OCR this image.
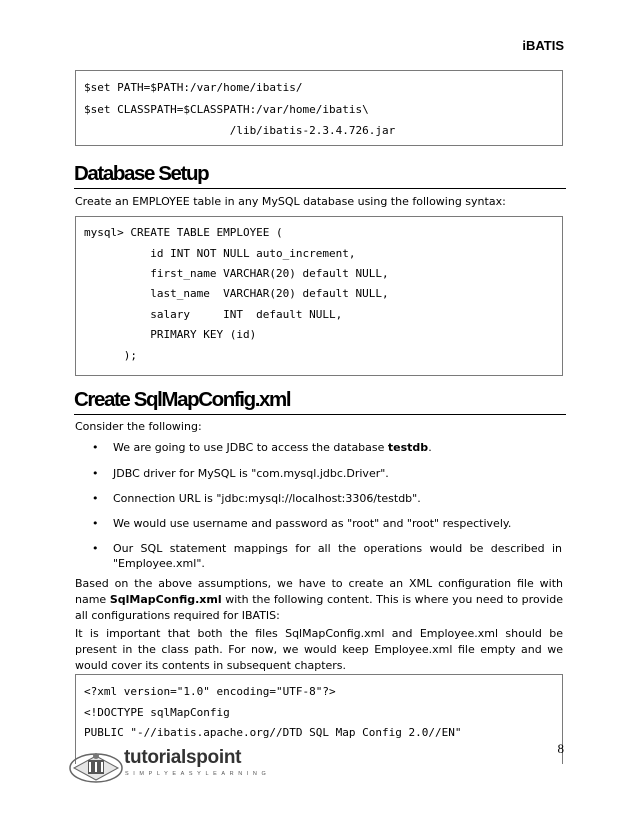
iBATIS
$set PATH=$PATH:/var/home/ibatis/
$set CLASSPATH=$CLASSPATH:/var/home/ibatis\
/lib/ibatis-2.3.4.726.jar
Database Setup

Create an EMPLOYEE table in any MySQL database using the following syntax:

mysql> CREATE TABLE EMPLOYEE (
id INT NOT NULL auto_increment,
first_name VARCHAR(20) default NULL,
last_name  VARCHAR(20) default NULL,
salary     INT  default NULL,
PRIMARY KEY (id)
);
Create SqlMapConfig.xml

Consider the following:

• We are going to use JDBC to access the database testdb.
• JDBC driver for MySQL is "com.mysql.jdbc.Driver".
• Connection URL is "jdbc:mysql://localhost:3306/testdb".
• We would use username and password as "root" and "root" respectively.
• Our SQL statement mappings for all the operations would be described in "Employee.xml".

Based on the above assumptions, we have to create an XML configuration file with name SqlMapConfig.xml with the following content. This is where you need to provide all configurations required for IBATIS:

It is important that both the files SqlMapConfig.xml and Employee.xml should be present in the class path. For now, we would keep Employee.xml file empty and we would cover its contents in subsequent chapters.

<?xml version="1.0" encoding="UTF-8"?>
<!DOCTYPE sqlMapConfig
PUBLIC "-//ibatis.apache.org//DTD SQL Map Config 2.0//EN"
8
tutorialspoint
SIMPLYEASYLEARNING
